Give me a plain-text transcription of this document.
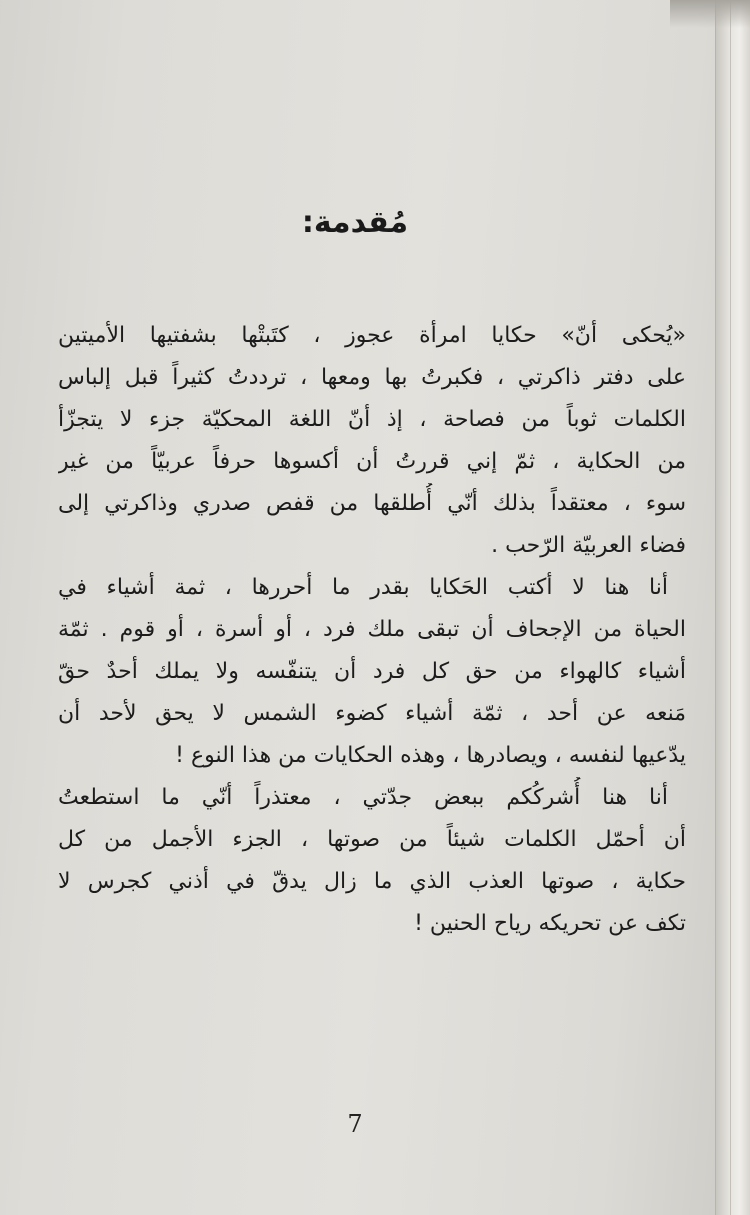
مُقدمة:
«يُحكى أنّ» حكايا امرأة عجوز ، كتَبتْها بشفتيها الأميتين
على دفتر ذاكرتي ، فكبرتُ بها ومعها ، ترددتُ كثيراً قبل إلباس
الكلمات ثوباً من فصاحة ، إذ أنّ اللغة المحكيّة جزء لا يتجزّأ
من الحكاية ، ثمّ إني قررتُ أن أكسوها حرفاً عربيّاً من غير
سوء ، معتقداً بذلك أنّي أُطلقها من قفص صدري وذاكرتي إلى
فضاء العربيّة الرّحب .
أنا هنا لا أكتب الحَكايا بقدر ما أحررها ، ثمة أشياء في
الحياة من الإجحاف أن تبقى ملك فرد ، أو أسرة ، أو قوم . ثمّة
أشياء كالهواء من حق كل فرد أن يتنفّسه ولا يملك أحدٌ حقّ
مَنعه عن أحد ، ثمّة أشياء كضوء الشمس لا يحق لأحد أن
يدّعيها لنفسه ، ويصادرها ، وهذه الحكايات من هذا النوع !
أنا هنا أُشركُكم ببعض جدّتي ، معتذراً أنّي ما استطعتُ
أن أحمّل الكلمات شيئاً من صوتها ، الجزء الأجمل من كل
حكاية ، صوتها العذب الذي ما زال يدقّ في أذني كجرس لا
تكف عن تحريكه رياح الحنين !
7
